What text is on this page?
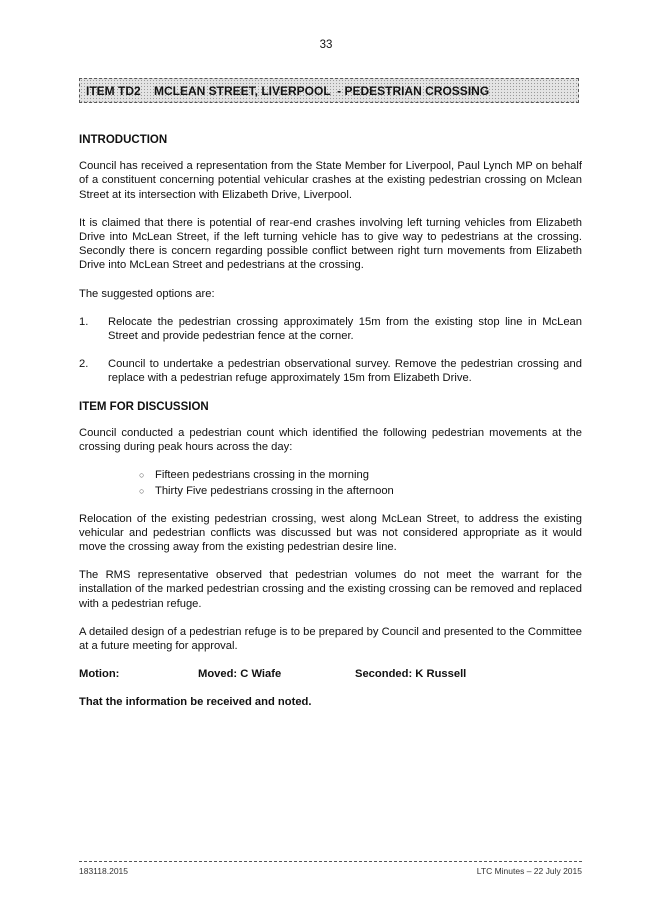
33
ITEM TD2    MCLEAN STREET, LIVERPOOL  - PEDESTRIAN CROSSING
INTRODUCTION

Council has received a representation from the State Member for Liverpool, Paul Lynch MP on behalf of a constituent concerning potential vehicular crashes at the existing pedestrian crossing on Mclean Street at its intersection with Elizabeth Drive, Liverpool.

It is claimed that there is potential of rear-end crashes involving left turning vehicles from Elizabeth Drive into McLean Street, if the left turning vehicle has to give way to pedestrians at the crossing. Secondly there is concern regarding possible conflict between right turn movements from Elizabeth Drive into McLean Street and pedestrians at the crossing.

The suggested options are:

1. Relocate the pedestrian crossing approximately 15m from the existing stop line in McLean Street and provide pedestrian fence at the corner.
2. Council to undertake a pedestrian observational survey. Remove the pedestrian crossing and replace with a pedestrian refuge approximately 15m from Elizabeth Drive.
ITEM FOR DISCUSSION

Council conducted a pedestrian count which identified the following pedestrian movements at the crossing during peak hours across the day:

○ Fifteen pedestrians crossing in the morning
○ Thirty Five pedestrians crossing in the afternoon

Relocation of the existing pedestrian crossing, west along McLean Street, to address the existing vehicular and pedestrian conflicts was discussed but was not considered appropriate as it would move the crossing away from the existing pedestrian desire line.

The RMS representative observed that pedestrian volumes do not meet the warrant for the installation of the marked pedestrian crossing and the existing crossing can be removed and replaced with a pedestrian refuge.

A detailed design of a pedestrian refuge is to be prepared by Council and presented to the Committee at a future meeting for approval.

Motion:	Moved: C Wiafe	Seconded: K Russell

That the information be received and noted.

183118.2015	LTC Minutes – 22 July 2015
